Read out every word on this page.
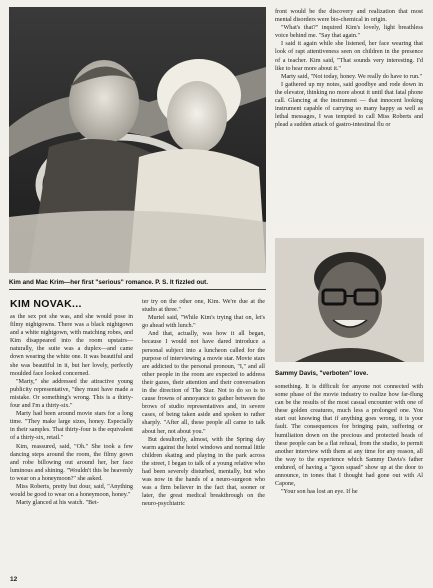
Kim and Mac Krim—her first "serious" romance. P. S. It fizzled out.
KIM NOVAK...

as the sex pot she was, and she would pose in filmy nightgowns. There was a black nightgown and a white nightgown, with matching robes, and Kim disappeared into the room upstairs—naturally, the suite was a duplex—and came down wearing the white one. It was beautiful and she was beautiful in it, but her lovely, perfectly moulded face looked concerned.

"Marty," she addressed the attractive young publicity representative, "they must have made a mistake. Or something's wrong. This is a thirty-four and I'm a thirty-six."

Marty had been around movie stars for a long time. "They make large sizes, honey. Especially in their samples. That thirty-four is the equivalent of a thirty-six, retail."

Kim, reassured, said, "Oh." She took a few dancing steps around the room, the filmy gown and robe billowing out around her, her face luminous and shining. "Wouldn't this be heavenly to wear on a honeymoon?" she asked.

Miss Roberts, pretty but dour, said, "Anything would be good to wear on a honeymoon, honey."

Marty glanced at his watch. "Bet-

ter try on the other one, Kim. We're due at the studio at three."

Muriel said, "While Kim's trying that on, let's go ahead with lunch."

And that, actually, was how it all began, because I would not have dared introduce a personal subject into a luncheon called for the purpose of interviewing a movie star. Movie stars are addicted to the personal pronoun, "I," and all other people in the room are expected to address their gazes, their attention and their conversation in the direction of The Star. Not to do so is to cause frowns of annoyance to gather between the brows of studio representatives and, in severe cases, of being taken aside and spoken to rather sharply. "After all, these people all came to talk about her, not about you."

But desultorily, almost, with the Spring day warm against the hotel windows and normal little children skating and playing in the park across the street, I began to talk of a young relative who had been severely disturbed, mentally, but who was now in the hands of a neuro-surgeon who was a firm believer in the fact that, sooner or later, the great medical breakthrough on the neuro-psychiatric

front would be the discovery and realization that most mental disorders were bio-chemical in origin.

"What's that?" inquired Kim's lovely, light breathless voice behind me. "Say that again."

I said it again while she listened, her face wearing that look of rapt attentiveness seen on children in the presence of a teacher. Kim said, "That sounds very interesting. I'd like to hear more about it."

Marty said, "Not today, honey. We really do have to run."

I gathered up my notes, said goodbye and rode down in the elevator, thinking no more about it until that fatal phone call. Glancing at the instrument — that innocent looking instrument capable of carrying so many happy as well as lethal messages, I was tempted to call Miss Roberts and plead a sudden attack of gastro-intestinal flu or

Sammy Davis, "verboten" love.

something. It is difficult for anyone not connected with some phase of the movie industry to realize how far-flung can be the results of the most casual encounter with one of these golden creatures, much less a prolonged one. You start out knowing that if anything goes wrong, it is your fault. The consequences for bringing pain, suffering or humiliation down on the precious and protected heads of these people can be a flat refusal, from the studio, to permit another interview with them at any time for any reason, all the way to the experience which Sammy Davis's father endured, of having a "goon squad" show up at the door to announce, in tones that I thought had gone out with Al Capone,

"Your son has lost an eye. If he

12
